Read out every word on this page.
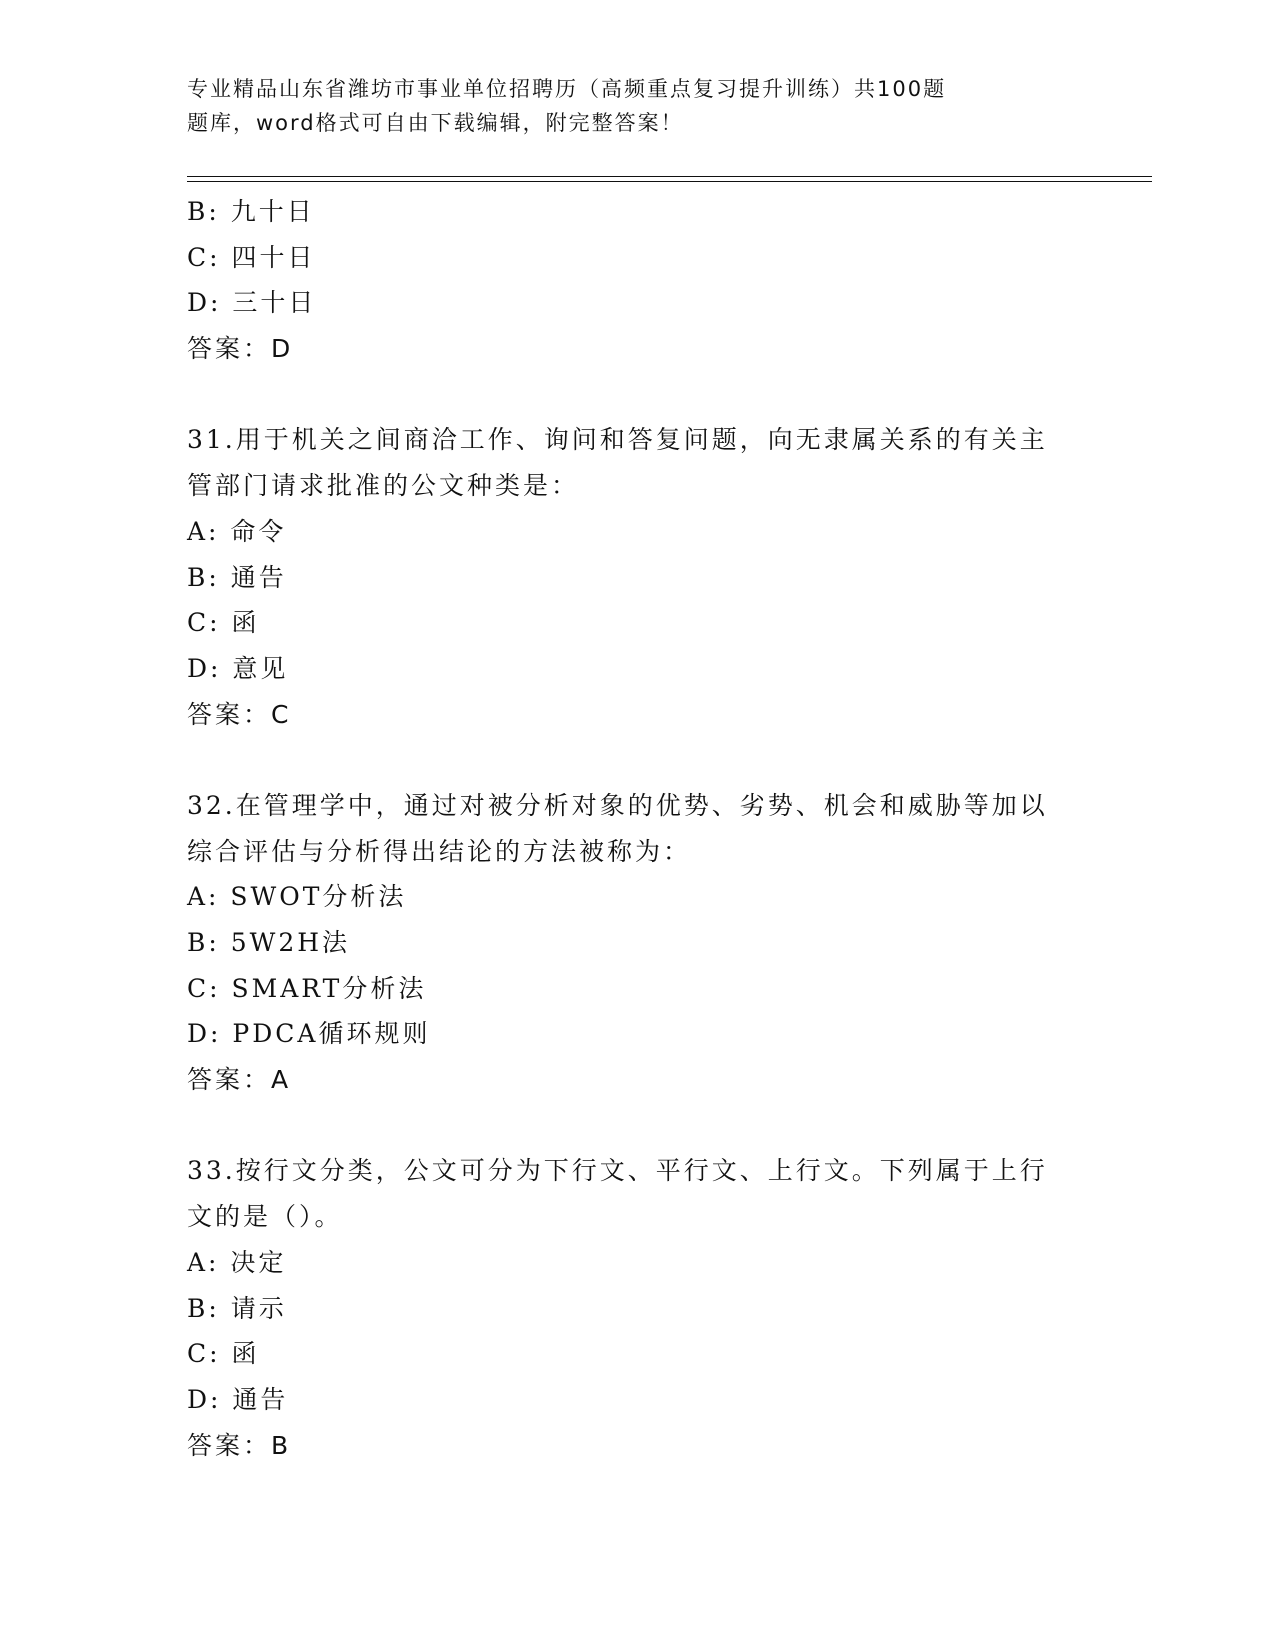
专业精品山东省潍坊市事业单位招聘历（高频重点复习提升训练）共100题
题库，word格式可自由下载编辑，附完整答案！
B: 九十日
C: 四十日
D: 三十日
答案：D
31.用于机关之间商洽工作、询问和答复问题，向无隶属关系的有关主
管部门请求批准的公文种类是：
A: 命令
B: 通告
C: 函
D: 意见
答案：C
32.在管理学中，通过对被分析对象的优势、劣势、机会和威胁等加以
综合评估与分析得出结论的方法被称为：
A: SWOT分析法
B: 5W2H法
C: SMART分析法
D: PDCA循环规则
答案：A
33.按行文分类，公文可分为下行文、平行文、上行文。下列属于上行
文的是（）。
A: 决定
B: 请示
C: 函
D: 通告
答案：B
